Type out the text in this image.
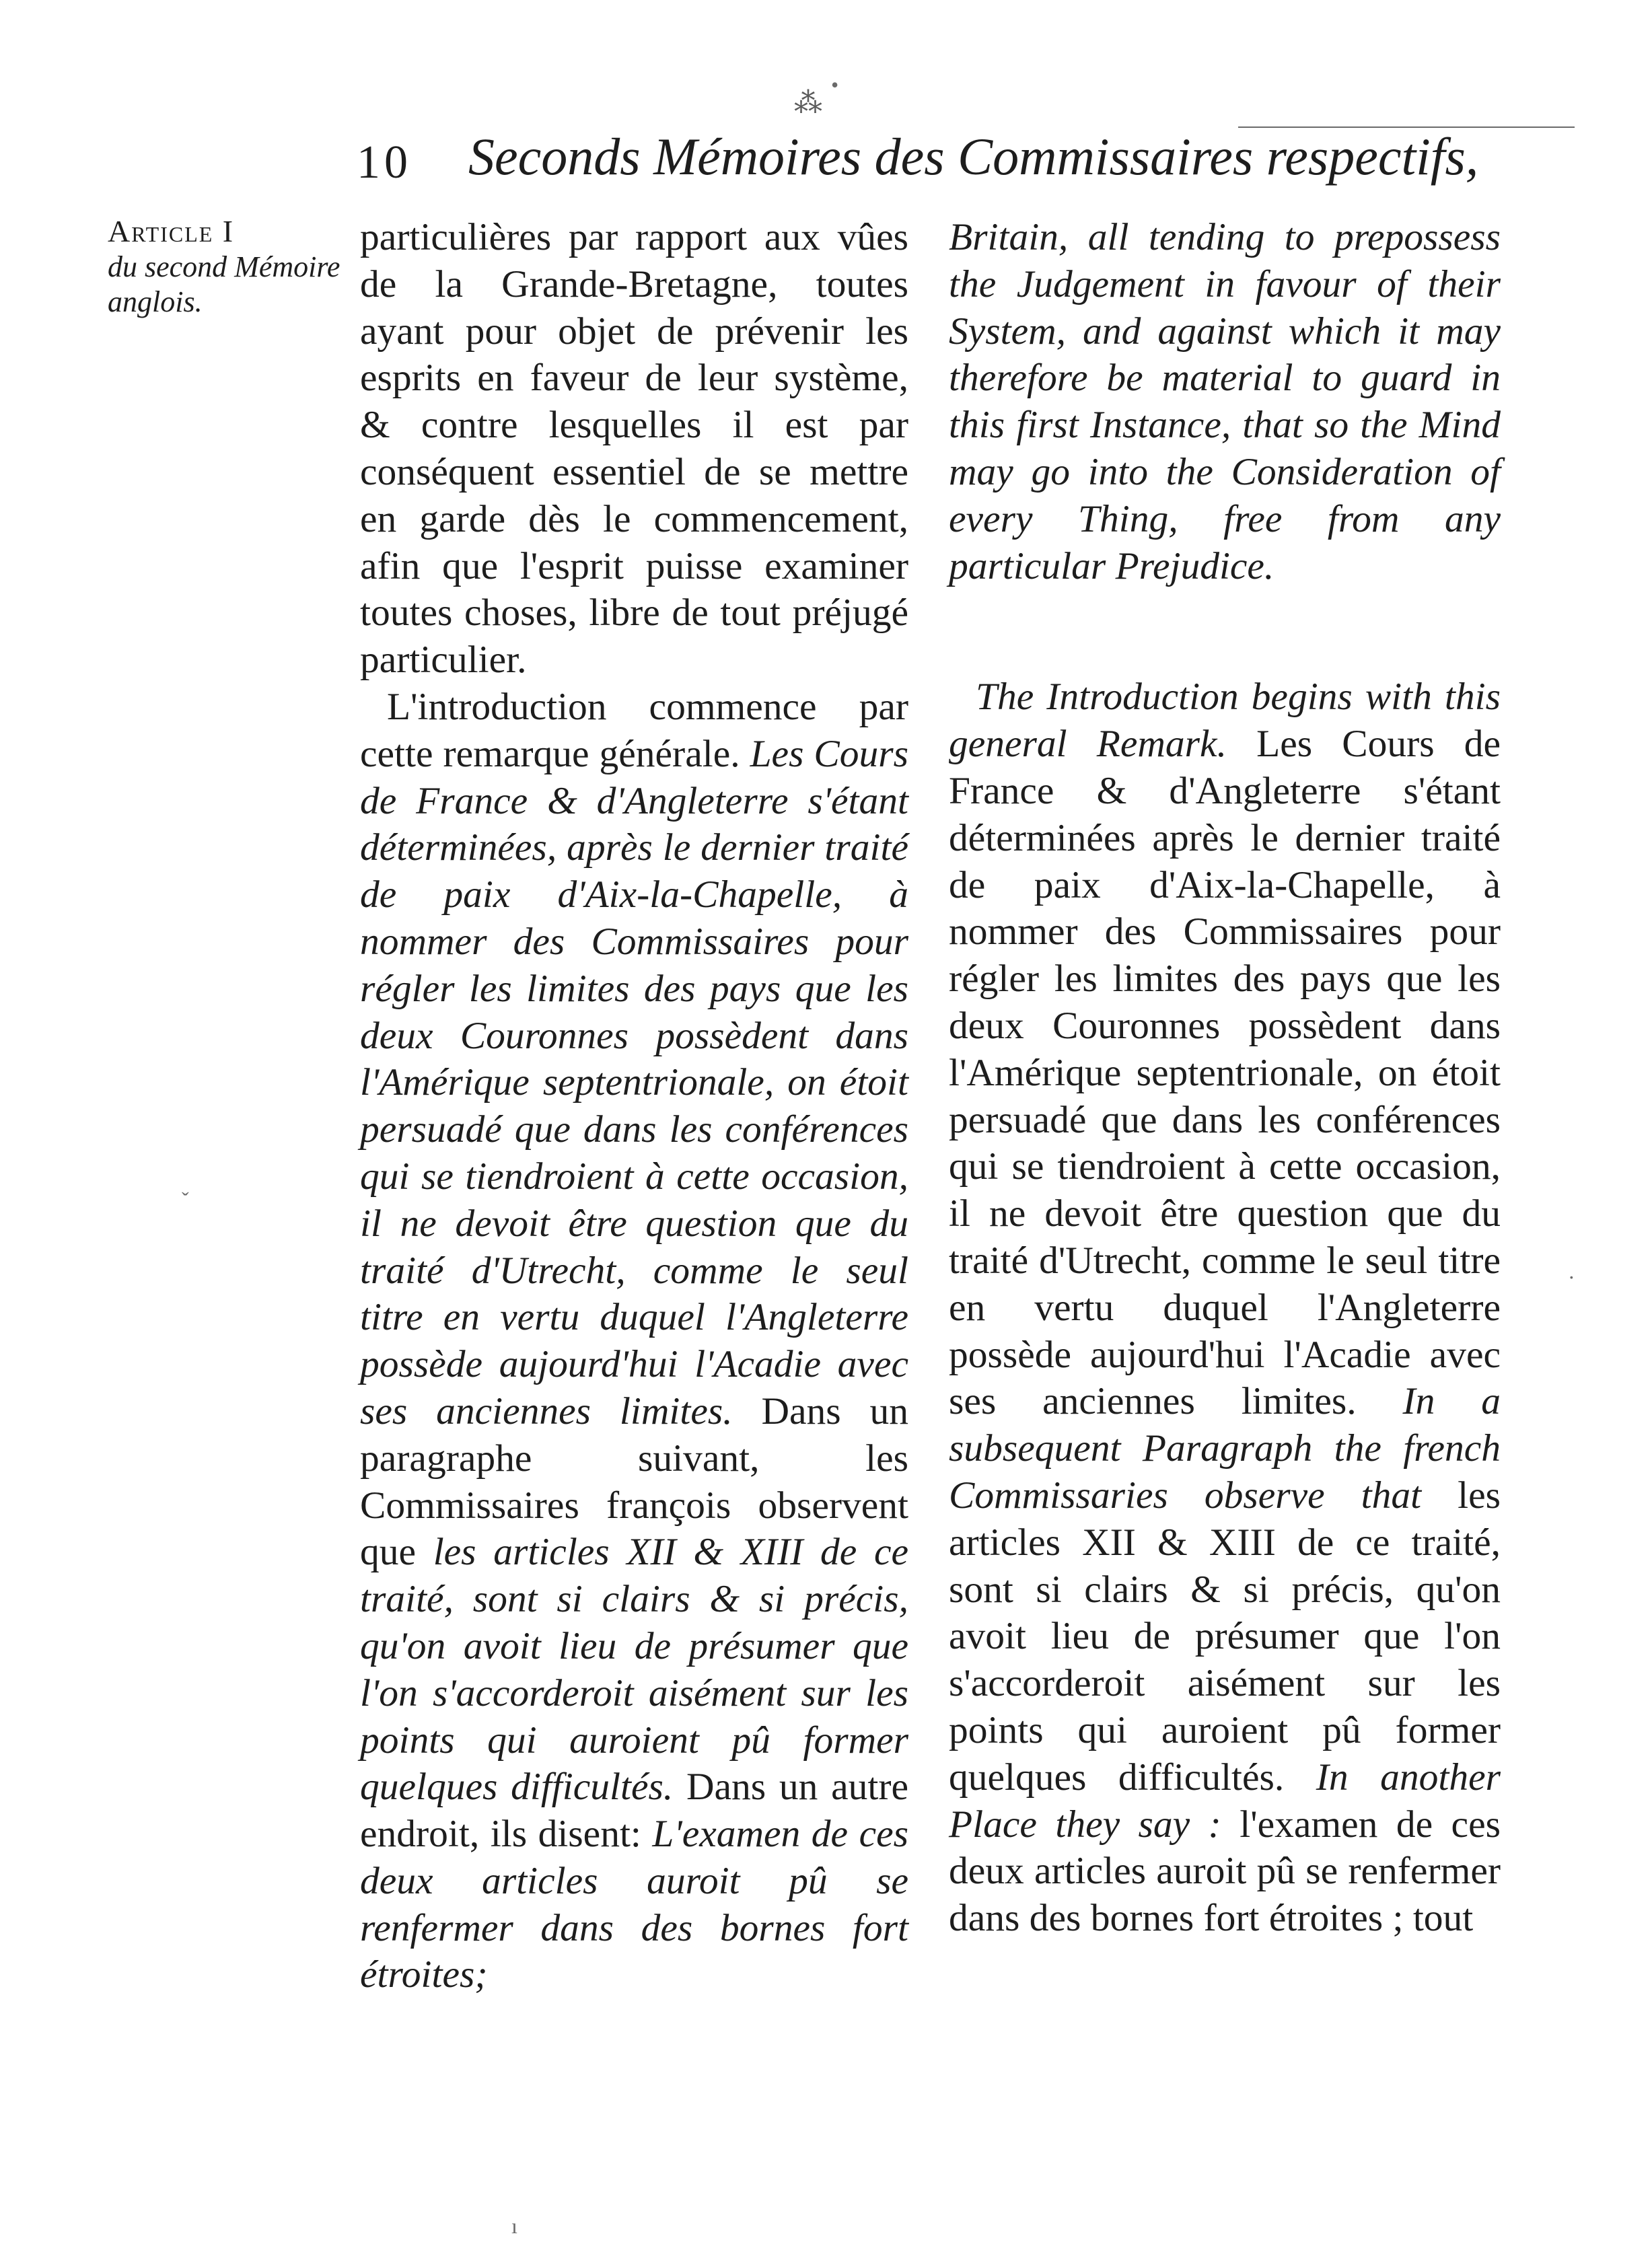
10 Seconds Mémoires des Commissaires respectifs,
⁂
Article I
du second Mémoire anglois.

particulières par rapport aux vûes de la Grande-Bretagne, toutes ayant pour objet de prévenir les esprits en faveur de leur système, & contre lesquelles il est par conséquent essentiel de se mettre en garde dès le commencement, afin que l'esprit puisse examiner toutes choses, libre de tout préjugé particulier.

L'introduction commence par cette remarque générale. Les Cours de France & d'Angleterre s'étant déterminées, après le dernier traité de paix d'Aix-la-Chapelle, à nommer des Commissaires pour régler les limites des pays que les deux Couronnes possèdent dans l'Amérique septentrionale, on étoit persuadé que dans les conférences qui se tiendroient à cette occasion, il ne devoit être question que du traité d'Utrecht, comme le seul titre en vertu duquel l'Angleterre possède aujourd'hui l'Acadie avec ses anciennes limites. Dans un paragraphe suivant, les Commissaires françois observent que les articles XII & XIII de ce traité, sont si clairs & si précis, qu'on avoit lieu de présumer que l'on s'accorderoit aisément sur les points qui auroient pû former quelques difficultés. Dans un autre endroit, ils disent: L'examen de ces deux articles auroit pû se renfermer dans des bornes fort étroites;

Britain, all tending to prepossess the Judgement in favour of their System, and against which it may therefore be material to guard in this first Instance, that so the Mind may go into the Consideration of every Thing, free from any particular Prejudice.

The Introduction begins with this general Remark. Les Cours de France & d'Angleterre s'étant déterminées après le dernier traité de paix d'Aix-la-Chapelle, à nommer des Commissaires pour régler les limites des pays que les deux Couronnes possèdent dans l'Amérique septentrionale, on étoit persuadé que dans les conférences qui se tiendroient à cette occasion, il ne devoit être question que du traité d'Utrecht, comme le seul titre en vertu duquel l'Angleterre possède aujourd'hui l'Acadie avec ses anciennes limites. In a subsequent Paragraph the french Commissaries observe that les articles XII & XIII de ce traité, sont si clairs & si précis, qu'on avoit lieu de présumer que l'on s'accorderoit aisément sur les points qui auroient pû former quelques difficultés. In another Place they say : l'examen de ces deux articles auroit pû se renfermer dans des bornes fort étroites ; tout

•
·
ˇ
ı
